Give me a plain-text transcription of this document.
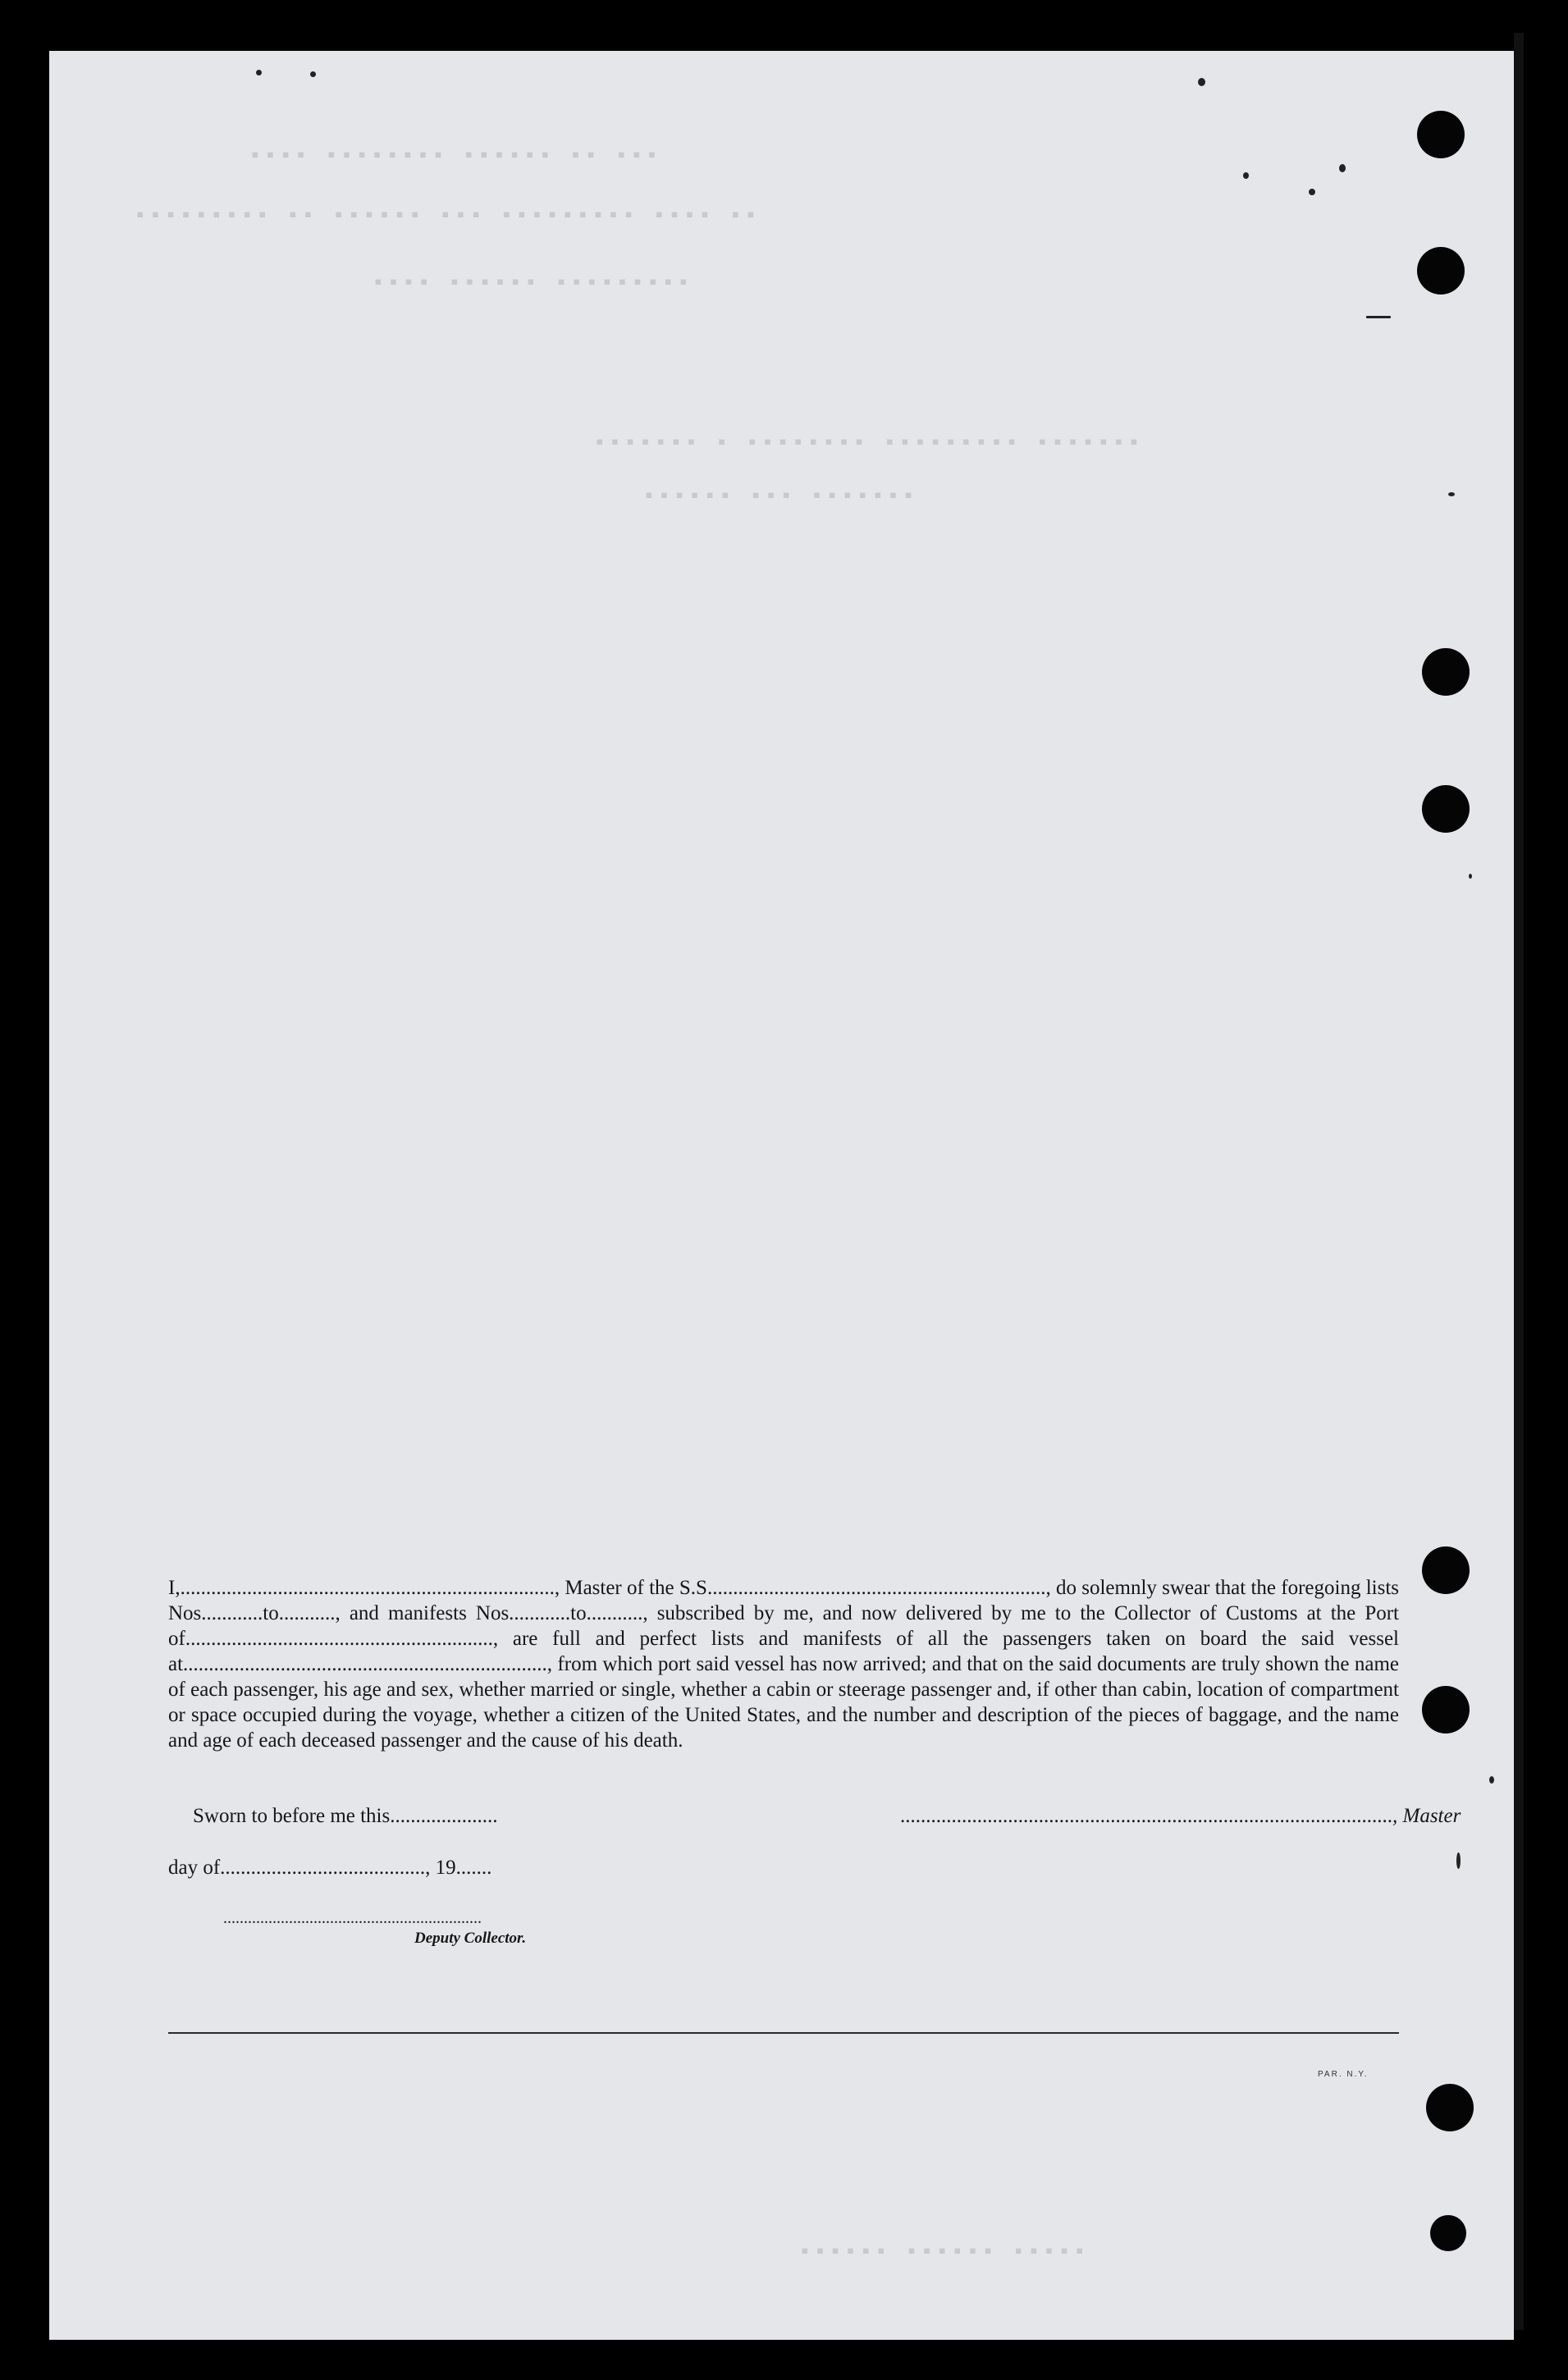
▪▪▪ ▪▪ ▪▪▪▪▪▪ ▪▪▪▪▪▪▪▪ ▪▪▪▪
▪▪ ▪▪▪▪ ▪▪▪▪▪▪▪▪▪ ▪▪▪ ▪▪▪▪▪▪ ▪▪ ▪▪▪▪▪▪▪▪▪
▪▪▪▪▪▪▪▪▪ ▪▪▪▪▪▪ ▪▪▪▪
▪▪▪▪▪▪▪ ▪▪▪▪▪▪▪▪▪ ▪▪▪▪▪▪▪▪ ▪ ▪▪▪▪▪▪▪
▪▪▪▪▪▪▪ ▪▪▪ ▪▪▪▪▪▪
▪▪▪▪▪ ▪▪▪▪▪▪ ▪▪▪▪▪▪
I,........................................................................., Master of the S.S.................................................................., do solemnly swear that the foregoing lists Nos............to..........., and manifests Nos............to..........., subscribed by me, and now delivered by me to the Collector of Customs at the Port of............................................................, are full and perfect lists and manifests of all the passengers taken on board the said vessel at......................................................................., from which port said vessel has now arrived; and that on the said documents are truly shown the name of each passenger, his age and sex, whether married or single, whether a cabin or steerage passenger and, if other than cabin, location of compartment or space occupied during the voyage, whether a citizen of the United States, and the number and description of the pieces of baggage, and the name and age of each deceased passenger and the cause of his death.
Sworn to before me this.....................	................................................................................................, Master
day of........................................, 19.......
...............................................................
Deputy Collector.
PAR. N.Y.
